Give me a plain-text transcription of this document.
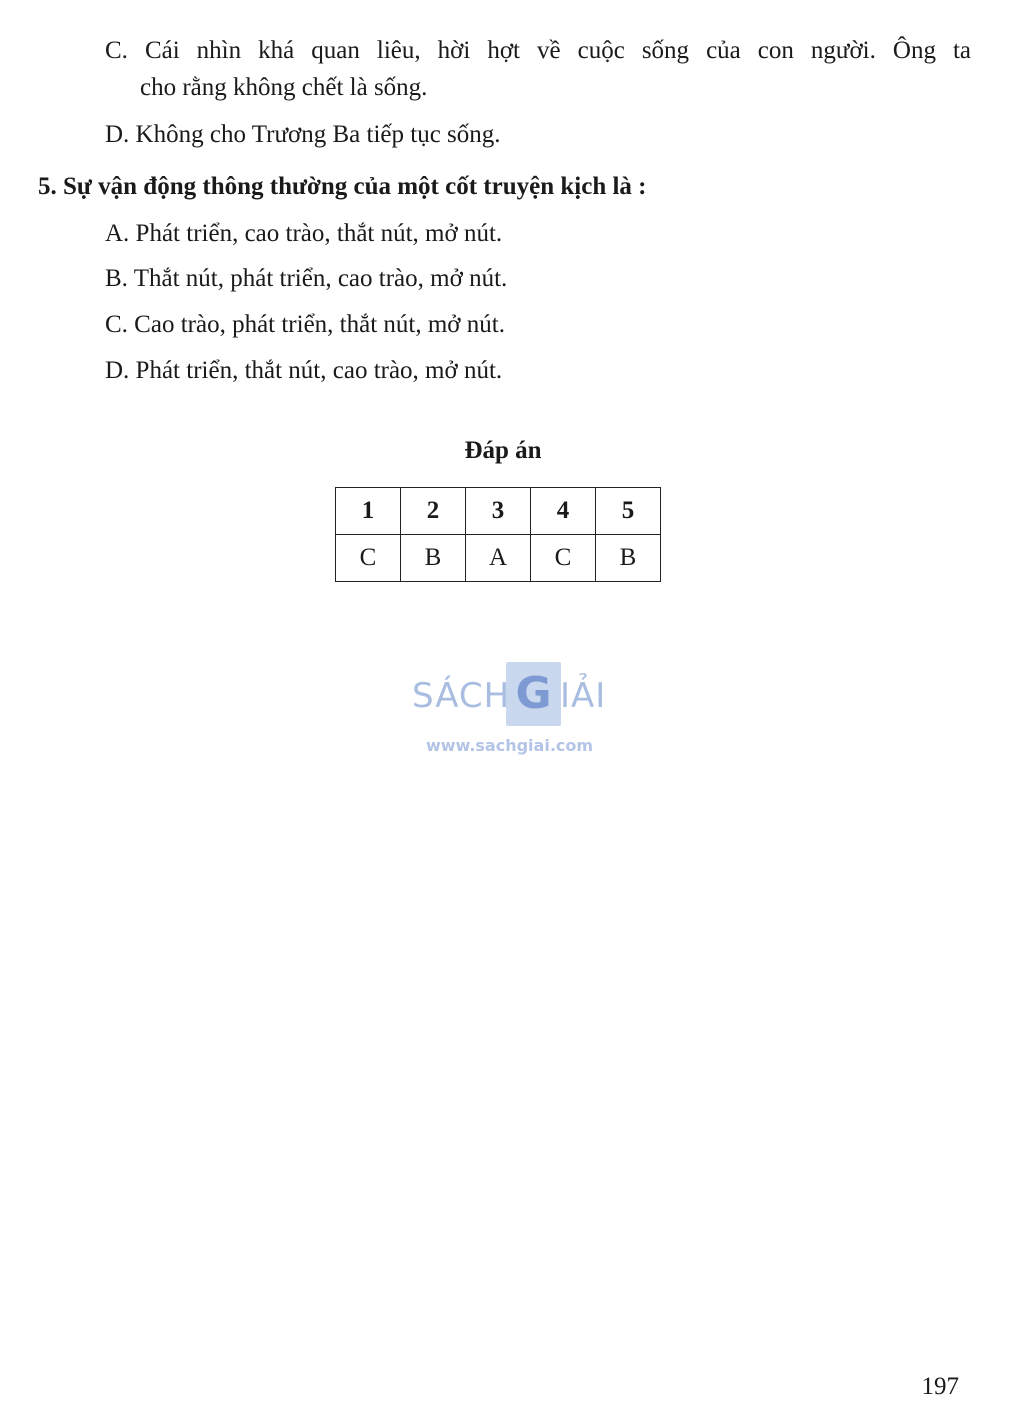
C. Cái nhìn khá quan liêu, hời hợt về cuộc sống của con người. Ông ta
cho rằng không chết là sống.
D. Không cho Trương Ba tiếp tục sống.
5. Sự vận động thông thường của một cốt truyện kịch là :
A. Phát triển, cao trào, thắt nút, mở nút.
B. Thắt nút, phát triển, cao trào, mở nút.
C. Cao trào, phát triển, thắt nút, mở nút.
D. Phát triển, thắt nút, cao trào, mở nút.
Đáp án
1	2	3	4	5
C	B	A	C	B
SÁCH G IẢI
www.sachgiai.com
197
